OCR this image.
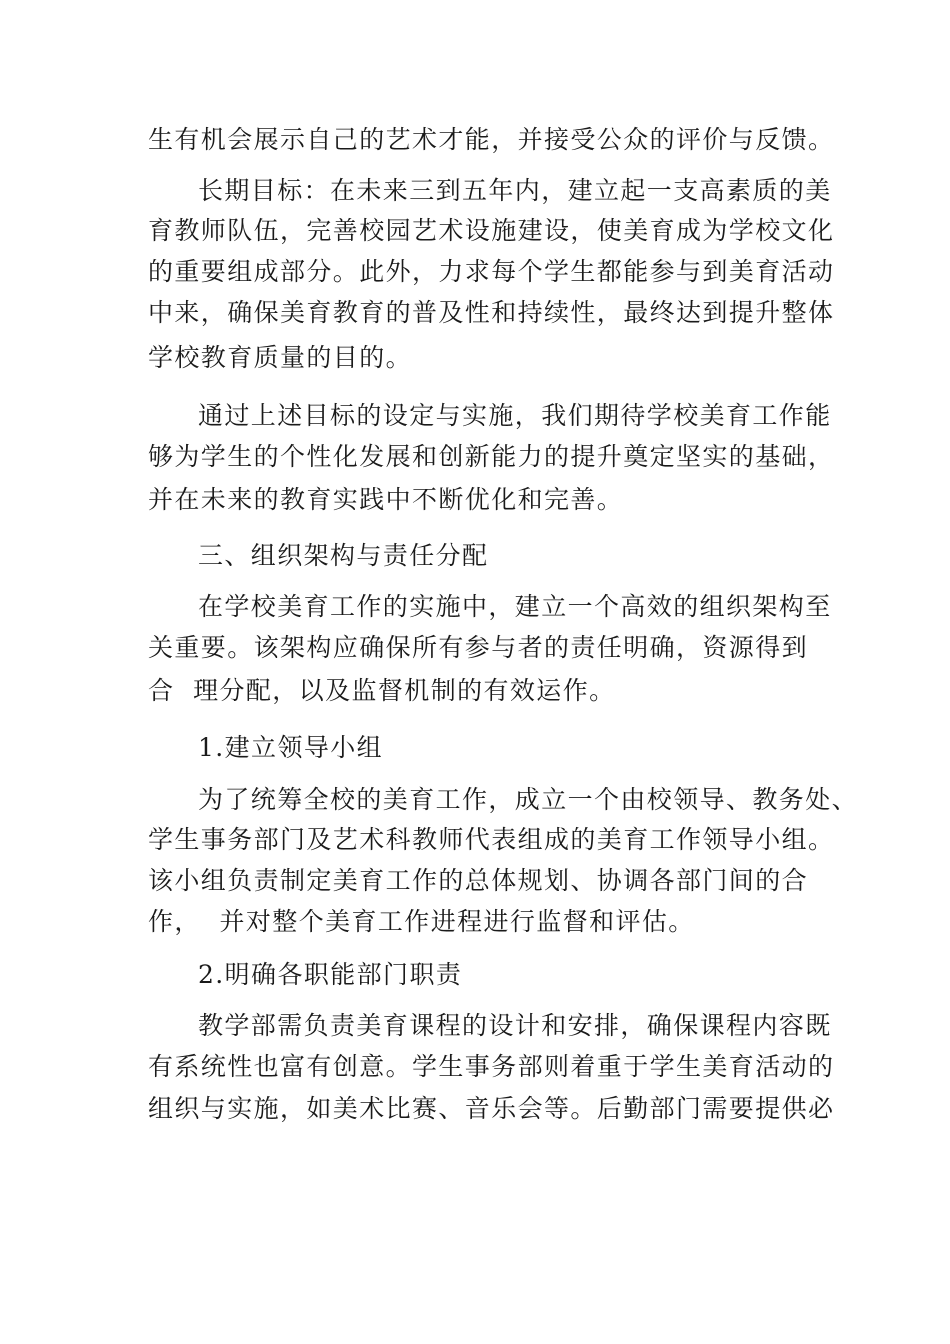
生有机会展示自己的艺术才能，并接受公众的评价与反馈。
长期目标：在未来三到五年内，建立起一支高素质的美
育教师队伍，完善校园艺术设施建设，使美育成为学校文化
的重要组成部分。此外，力求每个学生都能参与到美育活动
中来，确保美育教育的普及性和持续性，最终达到提升整体
学校教育质量的目的。
通过上述目标的设定与实施，我们期待学校美育工作能
够为学生的个性化发展和创新能力的提升奠定坚实的基础，
并在未来的教育实践中不断优化和完善。
三、组织架构与责任分配
在学校美育工作的实施中，建立一个高效的组织架构至
关重要。该架构应确保所有参与者的责任明确，资源得到
合  理分配，以及监督机制的有效运作。
1.建立领导小组
为了统筹全校的美育工作，成立一个由校领导、教务处、
学生事务部门及艺术科教师代表组成的美育工作领导小组。
该小组负责制定美育工作的总体规划、协调各部门间的合
作，  并对整个美育工作进程进行监督和评估。
2.明确各职能部门职责
教学部需负责美育课程的设计和安排，确保课程内容既
有系统性也富有创意。学生事务部则着重于学生美育活动的
组织与实施，如美术比赛、音乐会等。后勤部门需要提供必
